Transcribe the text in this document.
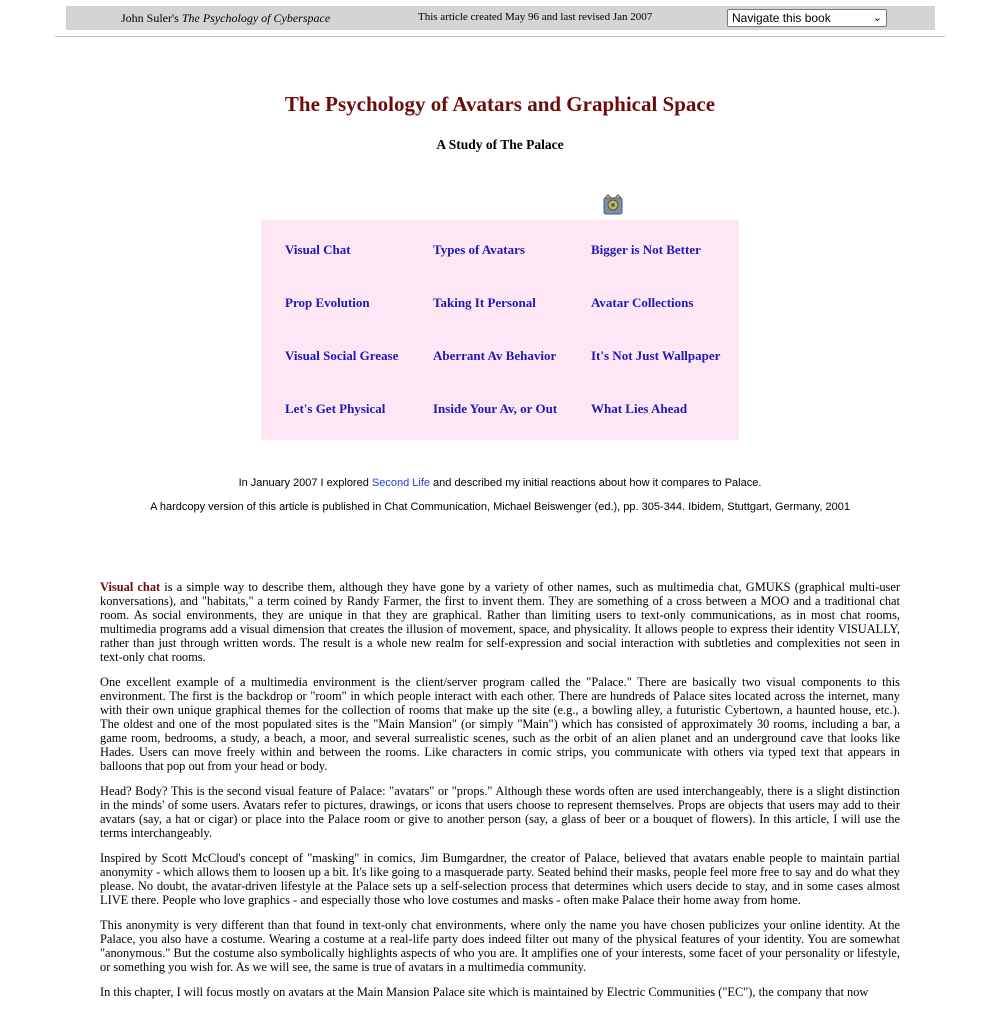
John Suler's The Psychology of Cyberspace	This article created May 96 and last revised Jan 2007	Navigate this book	⌄
The Psychology of Avatars and Graphical Space
A Study of The Palace
Visual Chat	Types of Avatars	Bigger is Not Better
Prop Evolution	Taking It Personal	Avatar Collections
Visual Social Grease	Aberrant Av Behavior	It's Not Just Wallpaper
Let's Get Physical	Inside Your Av, or Out	What Lies Ahead
In January 2007 I explored Second Life and described my initial reactions about how it compares to Palace.
A hardcopy version of this article is published in Chat Communication, Michael Beiswenger (ed.), pp. 305-344. Ibidem, Stuttgart, Germany, 2001

Visual chat is a simple way to describe them, although they have gone by a variety of other names, such as multimedia chat, GMUKS (graphical multi-user konversations), and "habitats," a term coined by Randy Farmer, the first to invent them. They are something of a cross between a MOO and a traditional chat room. As social environments, they are unique in that they are graphical. Rather than limiting users to text-only communications, as in most chat rooms, multimedia programs add a visual dimension that creates the illusion of movement, space, and physicality. It allows people to express their identity VISUALLY, rather than just through written words. The result is a whole new realm for self-expression and social interaction with subtleties and complexities not seen in text-only chat rooms.

One excellent example of a multimedia environment is the client/server program called the "Palace." There are basically two visual components to this environment. The first is the backdrop or "room" in which people interact with each other. There are hundreds of Palace sites located across the internet, many with their own unique graphical themes for the collection of rooms that make up the site (e.g., a bowling alley, a futuristic Cybertown, a haunted house, etc.). The oldest and one of the most populated sites is the "Main Mansion" (or simply "Main") which has consisted of approximately 30 rooms, including a bar, a game room, bedrooms, a study, a beach, a moor, and several surrealistic scenes, such as the orbit of an alien planet and an underground cave that looks like Hades. Users can move freely within and between the rooms. Like characters in comic strips, you communicate with others via typed text that appears in balloons that pop out from your head or body.

Head? Body? This is the second visual feature of Palace: "avatars" or "props." Although these words often are used interchangeably, there is a slight distinction in the minds' of some users. Avatars refer to pictures, drawings, or icons that users choose to represent themselves. Props are objects that users may add to their avatars (say, a hat or cigar) or place into the Palace room or give to another person (say, a glass of beer or a bouquet of flowers). In this article, I will use the terms interchangeably.

Inspired by Scott McCloud's concept of "masking" in comics, Jim Bumgardner, the creator of Palace, believed that avatars enable people to maintain partial anonymity - which allows them to loosen up a bit. It's like going to a masquerade party. Seated behind their masks, people feel more free to say and do what they please. No doubt, the avatar-driven lifestyle at the Palace sets up a self-selection process that determines which users decide to stay, and in some cases almost LIVE there. People who love graphics - and especially those who love costumes and masks - often make Palace their home away from home.

This anonymity is very different than that found in text-only chat environments, where only the name you have chosen publicizes your online identity. At the Palace, you also have a costume. Wearing a costume at a real-life party does indeed filter out many of the physical features of your identity. You are somewhat "anonymous." But the costume also symbolically highlights aspects of who you are. It amplifies one of your interests, some facet of your personality or lifestyle, or something you wish for. As we will see, the same is true of avatars in a multimedia community.

In this chapter, I will focus mostly on avatars at the Main Mansion Palace site which is maintained by Electric Communities ("EC"), the company that now
